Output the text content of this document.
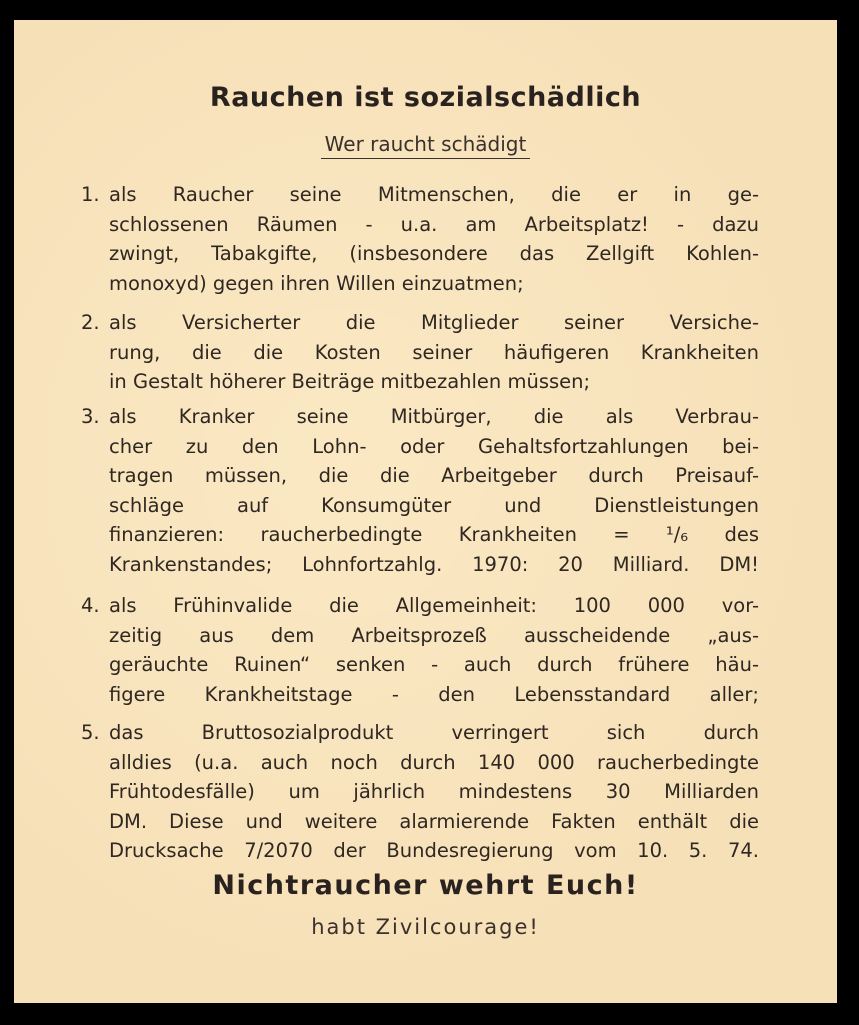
Rauchen ist sozialschädlich
Wer raucht schädigt
1. als Raucher seine Mitmenschen, die er in ge-
schlossenen Räumen - u.a. am Arbeitsplatz! - dazu
zwingt, Tabakgifte, (insbesondere das Zellgift Kohlen-
monoxyd) gegen ihren Willen einzuatmen;
2. als Versicherter die Mitglieder seiner Versiche-
rung, die die Kosten seiner häufigeren Krankheiten
in Gestalt höherer Beiträge mitbezahlen müssen;
3. als Kranker seine Mitbürger, die als Verbrau-
cher zu den Lohn- oder Gehaltsfortzahlungen bei-
tragen müssen, die die Arbeitgeber durch Preisauf-
schläge auf Konsumgüter und Dienstleistungen
finanzieren: raucherbedingte Krankheiten = ¹/₆ des
Krankenstandes; Lohnfortzahlg. 1970: 20 Milliard. DM!
4. als Frühinvalide die Allgemeinheit: 100 000 vor-
zeitig aus dem Arbeitsprozeß ausscheidende „aus-
geräuchte Ruinen“ senken - auch durch frühere häu-
figere Krankheitstage - den Lebensstandard aller;
5. das Bruttosozialprodukt verringert sich durch
alldies (u.a. auch noch durch 140 000 raucherbedingte
Frühtodesfälle) um jährlich mindestens 30 Milliarden
DM. Diese und weitere alarmierende Fakten enthält die
Drucksache 7/2070 der Bundesregierung vom 10. 5. 74.
Nichtraucher wehrt Euch!
habt Zivilcourage!
